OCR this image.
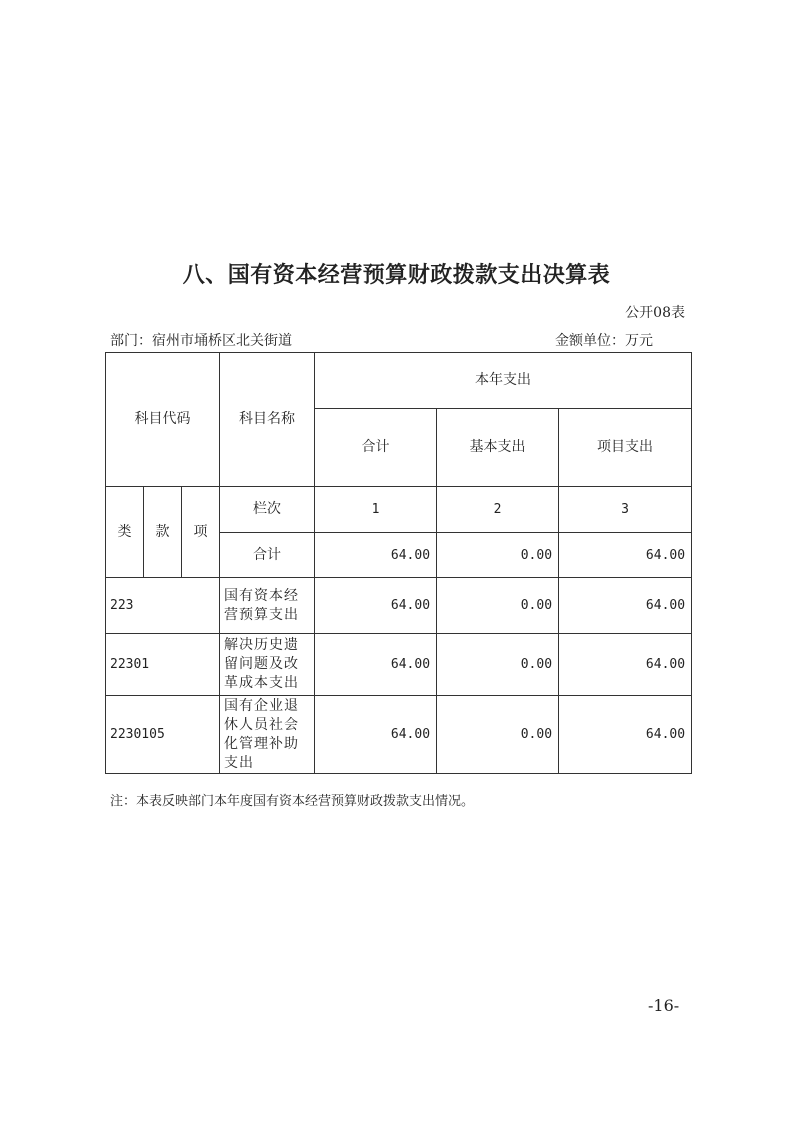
八、国有资本经营预算财政拨款支出决算表
公开08表
部门：宿州市埇桥区北关街道	金额单位：万元
科目代码			科目名称	本年支出		
				合计	基本支出	项目支出
类	款	项	栏次	1	2	3
			合计	64.00	0.00	64.00
223			国有资本经营预算支出	64.00	0.00	64.00
22301			解决历史遗留问题及改革成本支出	64.00	0.00	64.00
2230105			国有企业退休人员社会化管理补助支出	64.00	0.00	64.00
注：本表反映部门本年度国有资本经营预算财政拨款支出情况。
-16-
